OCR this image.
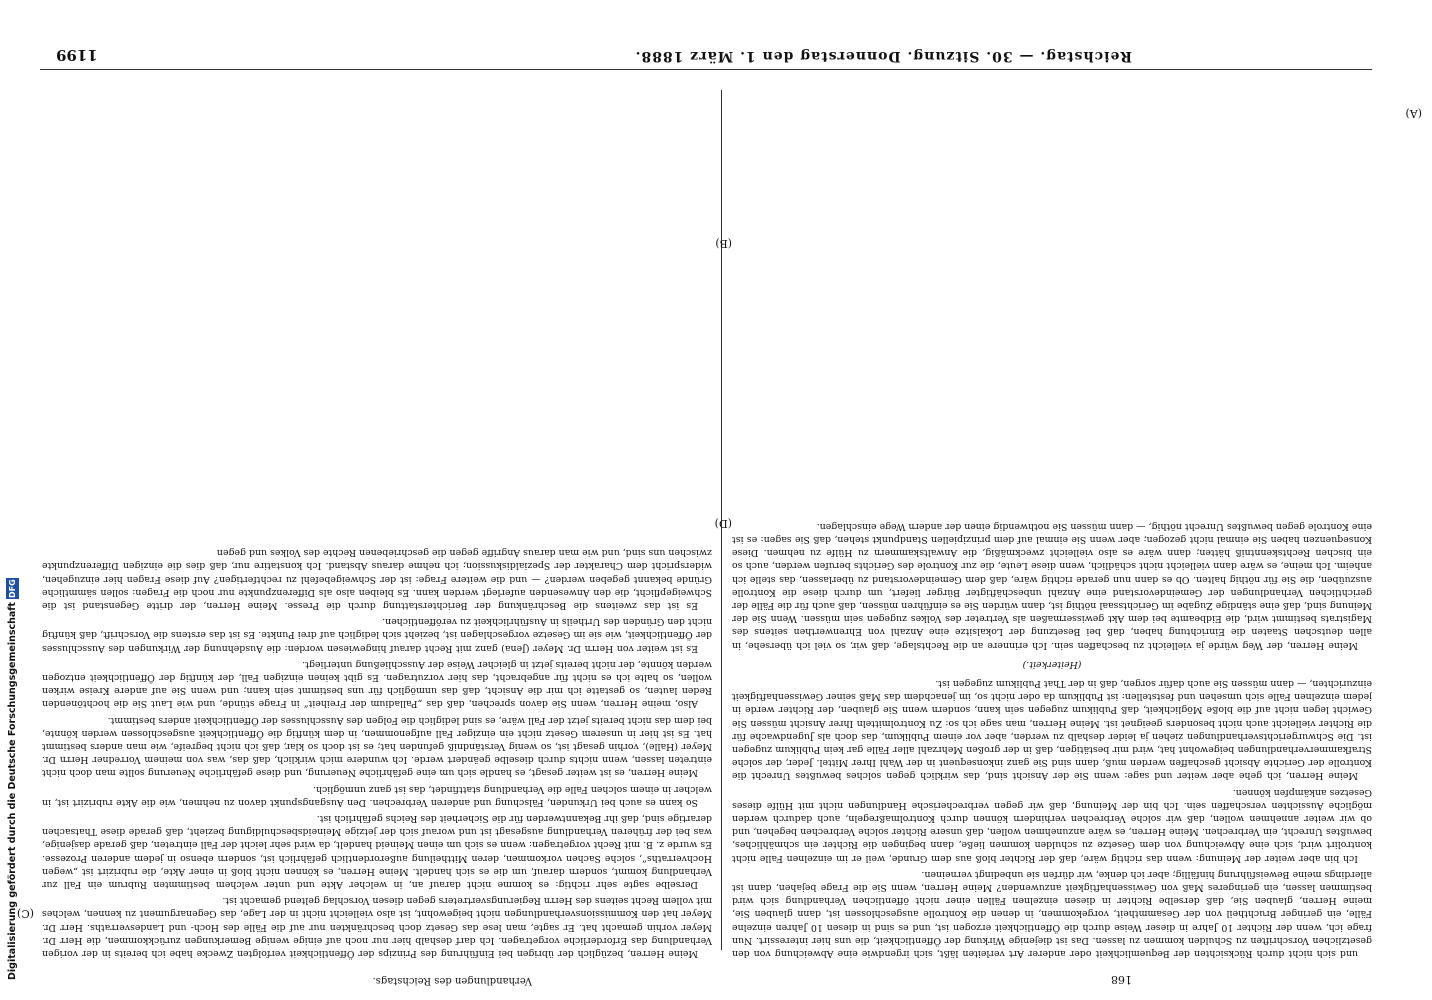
Reichstag. — 30. Sitzung. Donnerstag den 1. März 1888.
1199

Meine Herren, bezüglich der übrigen bei Einführung des Prinzips der Öffentlichkeit verfolgten Zwecke habe ich bereits in der vorigen Verhandlung das Erforderliche vorgetragen. Ich darf deshalb hier nur noch auf einige wenige Bemerkungen zurückkommen, die Herr Dr. Meyer vorhin gemacht hat. Er sagte, man lese das Gesetz doch beschränkten nur auf die Fälle des Hoch- und Landesverraths. Herr Dr. Meyer hat den Kommissionsverhandlungen nicht beigewohnt, ist also vielleicht nicht in der Lage, das Gegenargument zu kennen, welches mit vollem Recht seitens des Herrn Regierungsvertreters gegen diesen Vorschlag geltend gemacht ist.

Derselbe sagte sehr richtig: es komme nicht darauf an, in welcher Akte und unter welchem bestimmten Rubrum ein Fall zur Verhandlung kommt, sondern darauf, um die es sich handelt. Meine Herren, es können nicht bloß in einer Akte, die rubrizirt ist „wegen Hochverraths“, solche Sachen vorkommen, deren Mittheilung außerordentlich gefährlich ist, sondern ebenso in jedem anderen Prozesse. Es wurde z. B. mit Recht vorgetragen: wenn es sich um einen Meineid handelt, da wird sehr leicht der Fall eintreten, daß gerade dasjenige, was bei der früheren Verhandlung ausgesagt ist und worauf sich der jetzige Meineidsbeschuldigung bezieht, daß gerade diese Thatsachen derartige sind, daß ihr Bekanntwerden für die Sicherheit des Reichs gefährlich ist.

So kann es auch bei Urkunden, Fälschung und anderen Verbrechen. Den Ausgangspunkt davon zu nehmen, wie die Akte rubrizirt ist, in welcher in einem solchen Falle die Verhandlung stattfindet, das ist ganz unmöglich.

Meine Herren, es ist weiter gesagt, es handle sich um eine gefährliche Neuerung, und diese gefährliche Neuerung sollte man doch nicht eintreten lassen, wenn nichts durch dieselbe geändert werde. Ich wundere mich wirklich, daß das, was von meinem Vorredner Herrn Dr. Meyer (Halle), vorhin gesagt ist, so wenig Verständniß gefunden hat; es ist doch so klar, daß ich nicht begreife, wie man anders bestimmt hat. Es ist hier in unserem Gesetz nicht ein einziger Fall aufgenommen, in dem künftig die Öffentlichkeit ausgeschlossen werden könnte, bei dem das nicht bereits jetzt der Fall wäre, es sind lediglich die Folgen des Ausschlusses der Öffentlichkeit anders bestimmt.

Also, meine Herren, wenn Sie davon sprechen, daß das „Palladium der Freiheit“ in Frage stünde, und wie Laut Sie die hochtönenden Reden lauten, so gestatte ich mir die Ansicht, daß das unmöglich für uns bestimmt sein kann; und wenn Sie auf andere Kreise wirken wollen, so halte ich es nicht für angebracht, das hier vorzutragen. Es gibt keinen einzigen Fall, der künftig der Öffentlichkeit entzogen werden könnte, der nicht bereits jetzt in gleicher Weise der Ausschließung unterliegt.

Es ist weiter von Herrn Dr. Meyer (Jena) ganz mit Recht darauf hingewiesen worden: die Ausdehnung der Wirkungen des Ausschlusses der Öffentlichkeit, wie sie im Gesetze vorgeschlagen ist, bezieht sich lediglich auf drei Punkte. Es ist das erstens die Vorschrift, daß künftig nicht den Gründen des Urtheils in Ausführlichkeit zu veröffentlichen.

Es ist das zweitens die Beschränkung der Berichterstattung durch die Presse. Meine Herren, der dritte Gegenstand ist die Schweigepflicht, die den Anwesenden auferlegt werden kann. Es bleiben also als Differenzpunkte nur noch die Fragen: sollen sämmtliche Gründe bekannt gegeben werden? — und die weitere Frage: ist der Schweigebefehl zu rechtfertigen? Auf diese Fragen hier einzugehen, widerspricht dem Charakter der Spezialdiskussion; ich nehme daraus Abstand. Ich konstatire nur, daß dies die einzigen Differenzpunkte zwischen uns sind, und wie man daraus Angriffe gegen die geschriebenen Rechte des Volkes und gegen

und sich nicht durch Rücksichten der Bequemlichkeit oder anderer Art verleiten läßt, sich irgendwie eine Abweichung von den gesetzlichen Vorschriften zu Schulden kommen zu lassen. Das ist diejenige Wirkung der Öffentlichkeit, die uns hier interessirt. Nun frage ich, wenn der Richter 10 Jahre in dieser Weise durch die Öffentlichkeit erzogen ist, und es sind in diesen 10 Jahren einzelne Fälle, ein geringer Bruchtheil von der Gesammtheit, vorgekommen, in denen die Kontrolle ausgeschlossen ist, dann glauben Sie, meine Herren, glauben Sie, daß derselbe Richter in diesen einzelnen Fällen einer nicht öffentlichen Verhandlung sich wird bestimmen lassen, ein geringeres Maß von Gewissenhaftigkeit anzuwenden? Meine Herren, wenn Sie die Frage bejahen, dann ist allerdings meine Beweisführung hinfällig; aber ich denke, wir dürfen sie unbedingt verneinen.

Ich bin aber weiter der Meinung: wenn das richtig wäre, daß der Richter bloß aus dem Grunde, weil er im einzelnen Falle nicht kontrolirt wird, sich eine Abweichung von dem Gesetze zu schulden kommen ließe, dann begingen die Richter ein schmähliches, bewußtes Unrecht, ein Verbrechen. Meine Herren, es wäre anzunehmen wollen, daß unsere Richter solche Verbrechen begehen, und ob wir weiter annehmen wollen, daß wir solche Verbrechen verhindern können durch Kontrolmaßregeln, auch dadurch werden mögliche Aussichten verschaffen sein. Ich bin der Meinung, daß wir gegen verbrecherische Handlungen nicht mit Hülfe dieses Gesetzes ankämpfen können.

Meine Herren, ich gehe aber weiter und sage: wenn Sie der Ansicht sind, das wirklich gegen solches bewußtes Unrecht die Kontrolle der Gerichte Absicht geschaffen werden muß, dann sind Sie ganz inkonsequent in der Wahl Ihrer Mittel. Jeder, der solche Strafkammerverhandlungen beigewohnt hat, wird mir bestätigen, daß in der großen Mehrzahl aller Fälle gar kein Publikum zugegen ist. Die Schwurgerichtsverhandlungen ziehen ja leider deshalb zu werden, aber vor einem Publikum, das doch als Jugendwache für die Richter vielleicht auch nicht besonders geeignet ist. Meine Herren, man sage ich so: Zu Kontrolmitteln Ihrer Ansicht müssen Sie Gewicht legen nicht auf die bloße Möglichkeit, daß Publikum zugegen sein kann, sondern wenn Sie glauben, der Richter werde in jedem einzelnen Falle sich umsehen und feststellen: ist Publikum da oder nicht so, im jenachdem das Maß seiner Gewissenhaftigkeit einzurichten, — dann müssen Sie auch dafür sorgen, daß in der That Publikum zugegen ist.

(Heiterkeit.)

Meine Herren, der Weg würde ja vielleicht zu beschaffen sein. Ich erinnere an die Rechtslage, daß wir, so viel ich übersehe, in allen deutschen Staaten die Einrichtung haben, daß bei Besetzung der Lokalsitze eine Anzahl von Ehrenwerthen seitens des Magistrats bestimmt wird, die Eidbeamte bei dem Akt gewissermaßen als Vertreter des Volkes zugegen sein müssen. Wenn Sie der Meinung sind, daß eine ständige Zugabe im Gerichtssaal nöthig ist, dann würden Sie es einführen müssen, daß auch für die Fälle der gerichtlichen Verhandlungen der Gemeindevorstand eine Anzahl unbeschäftigter Bürger liefert, um durch diese die Kontrolle auszuüben, die Sie für nöthig halten. Ob es dann nun gerade richtig wäre, daß dem Gemeindevorstand zu überlassen, das stelle ich anheim. Ich meine, es wäre dann vielleicht nicht schädlich, wenn diese Leute, die zur Kontrole des Gerichts berufen werden, auch so ein bischen Rechtskenntniß hätten; dann wäre es also vielleicht zweckmäßig, die Anwaltskammern zu Hülfe zu nehmen. Diese Konsequenzen haben Sie einmal nicht gezogen; aber wenn Sie einmal auf dem prinzipiellen Standpunkt stehen, daß Sie sagen: es ist eine Kontrole gegen bewußtes Unrecht nöthig, — dann müssen Sie nothwendig einen der andern Wege einschlagen.

(C)
(D)
(A)
(B)
168
Verhandlungen des Reichstags.
Digitalisierung gefördert durch die Deutsche Forschungsgemeinschaft DFG
